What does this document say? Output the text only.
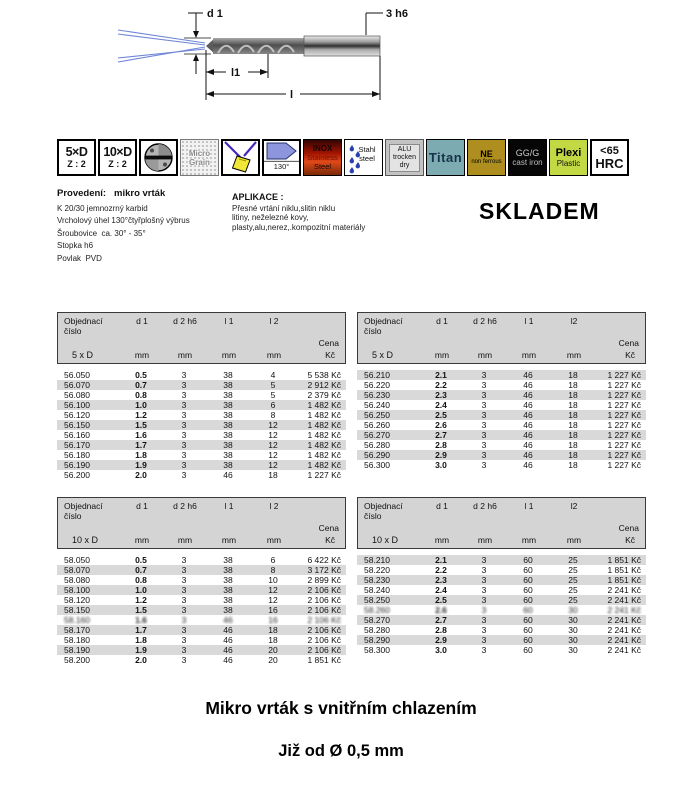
d 1	3 h6
l1
l
5×D
Z : 2
10×D
Z : 2
Micro
Grain	130°
INOX
Stainless
Steel
Stahl
steel
ALU
trocken
dry	Titan NE
non ferrous
GG/G
cast iron
Plexi
Plastic
<65
HRC
Provedení:   mikro vrták
K 20/30 jemnozrný karbid
Vrcholový úhel 130°čtyřplošný výbrus
Šroubovice  ca. 30° - 35°
Stopka h6
Povlak  PVD
APLIKACE :
Přesné vrtání niklu,slitin niklu
litiny, neželezné kovy,
plasty,alu,nerez,.kompozitní materiály
SKLADEM
Objednací
číslo
d 1	d 2 h6	l 1	l 2
Cena
5 x D	mm	mm	mm	mm	Kč
56.050	0.5	3	38	4	5 538 Kč
56.070	0.7	3	38	5	2 912 Kč
56.080	0.8	3	38	5	2 379 Kč
56.100	1.0	3	38	6	1 482 Kč
56.120	1.2	3	38	8	1 482 Kč
56.150	1.5	3	38	12	1 482 Kč
56.160	1.6	3	38	12	1 482 Kč
56.170	1.7	3	38	12	1 482 Kč
56.180	1.8	3	38	12	1 482 Kč
56.190	1.9	3	38	12	1 482 Kč
56.200	2.0	3	46	18	1 227 Kč
Objednací
číslo
d 1	d 2 h6	l 1	l2
Cena
5 x D	mm	mm	mm	mm	Kč
56.210	2.1	3	46	18	1 227 Kč
56.220	2.2	3	46	18	1 227 Kč
56.230	2.3	3	46	18	1 227 Kč
56.240	2.4	3	46	18	1 227 Kč
56.250	2.5	3	46	18	1 227 Kč
56.260	2.6	3	46	18	1 227 Kč
56.270	2.7	3	46	18	1 227 Kč
56.280	2.8	3	46	18	1 227 Kč
56.290	2.9	3	46	18	1 227 Kč
56.300	3.0	3	46	18	1 227 Kč
Objednací
číslo
d 1	d 2 h6	l 1	l 2
Cena
10 x D	mm	mm	mm	mm	Kč
58.050	0.5	3	38	6	6 422 Kč
58.070	0.7	3	38	8	3 172 Kč
58.080	0.8	3	38	10	2 899 Kč
58.100	1.0	3	38	12	2 106 Kč
58.120	1.2	3	38	12	2 106 Kč
58.150	1.5	3	38	16	2 106 Kč
58.160	1.6	3	46	16	2 106 Kč
58.170	1.7	3	46	18	2 106 Kč
58.180	1.8	3	46	18	2 106 Kč
58.190	1.9	3	46	20	2 106 Kč
58.200	2.0	3	46	20	1 851 Kč
Objednací
číslo
d 1	d 2 h6	l 1	l2
Cena
10 x D	mm	mm	mm	mm	Kč
58.210	2.1	3	60	25	1 851 Kč
58.220	2.2	3	60	25	1 851 Kč
58.230	2.3	3	60	25	1 851 Kč
58.240	2.4	3	60	25	2 241 Kč
58.250	2.5	3	60	25	2 241 Kč
58.260	2.6	3	60	30	2 241 Kč
58.270	2.7	3	60	30	2 241 Kč
58.280	2.8	3	60	30	2 241 Kč
58.290	2.9	3	60	30	2 241 Kč
58.300	3.0	3	60	30	2 241 Kč
Mikro vrták s vnitřním chlazením
Již od Ø 0,5 mm
